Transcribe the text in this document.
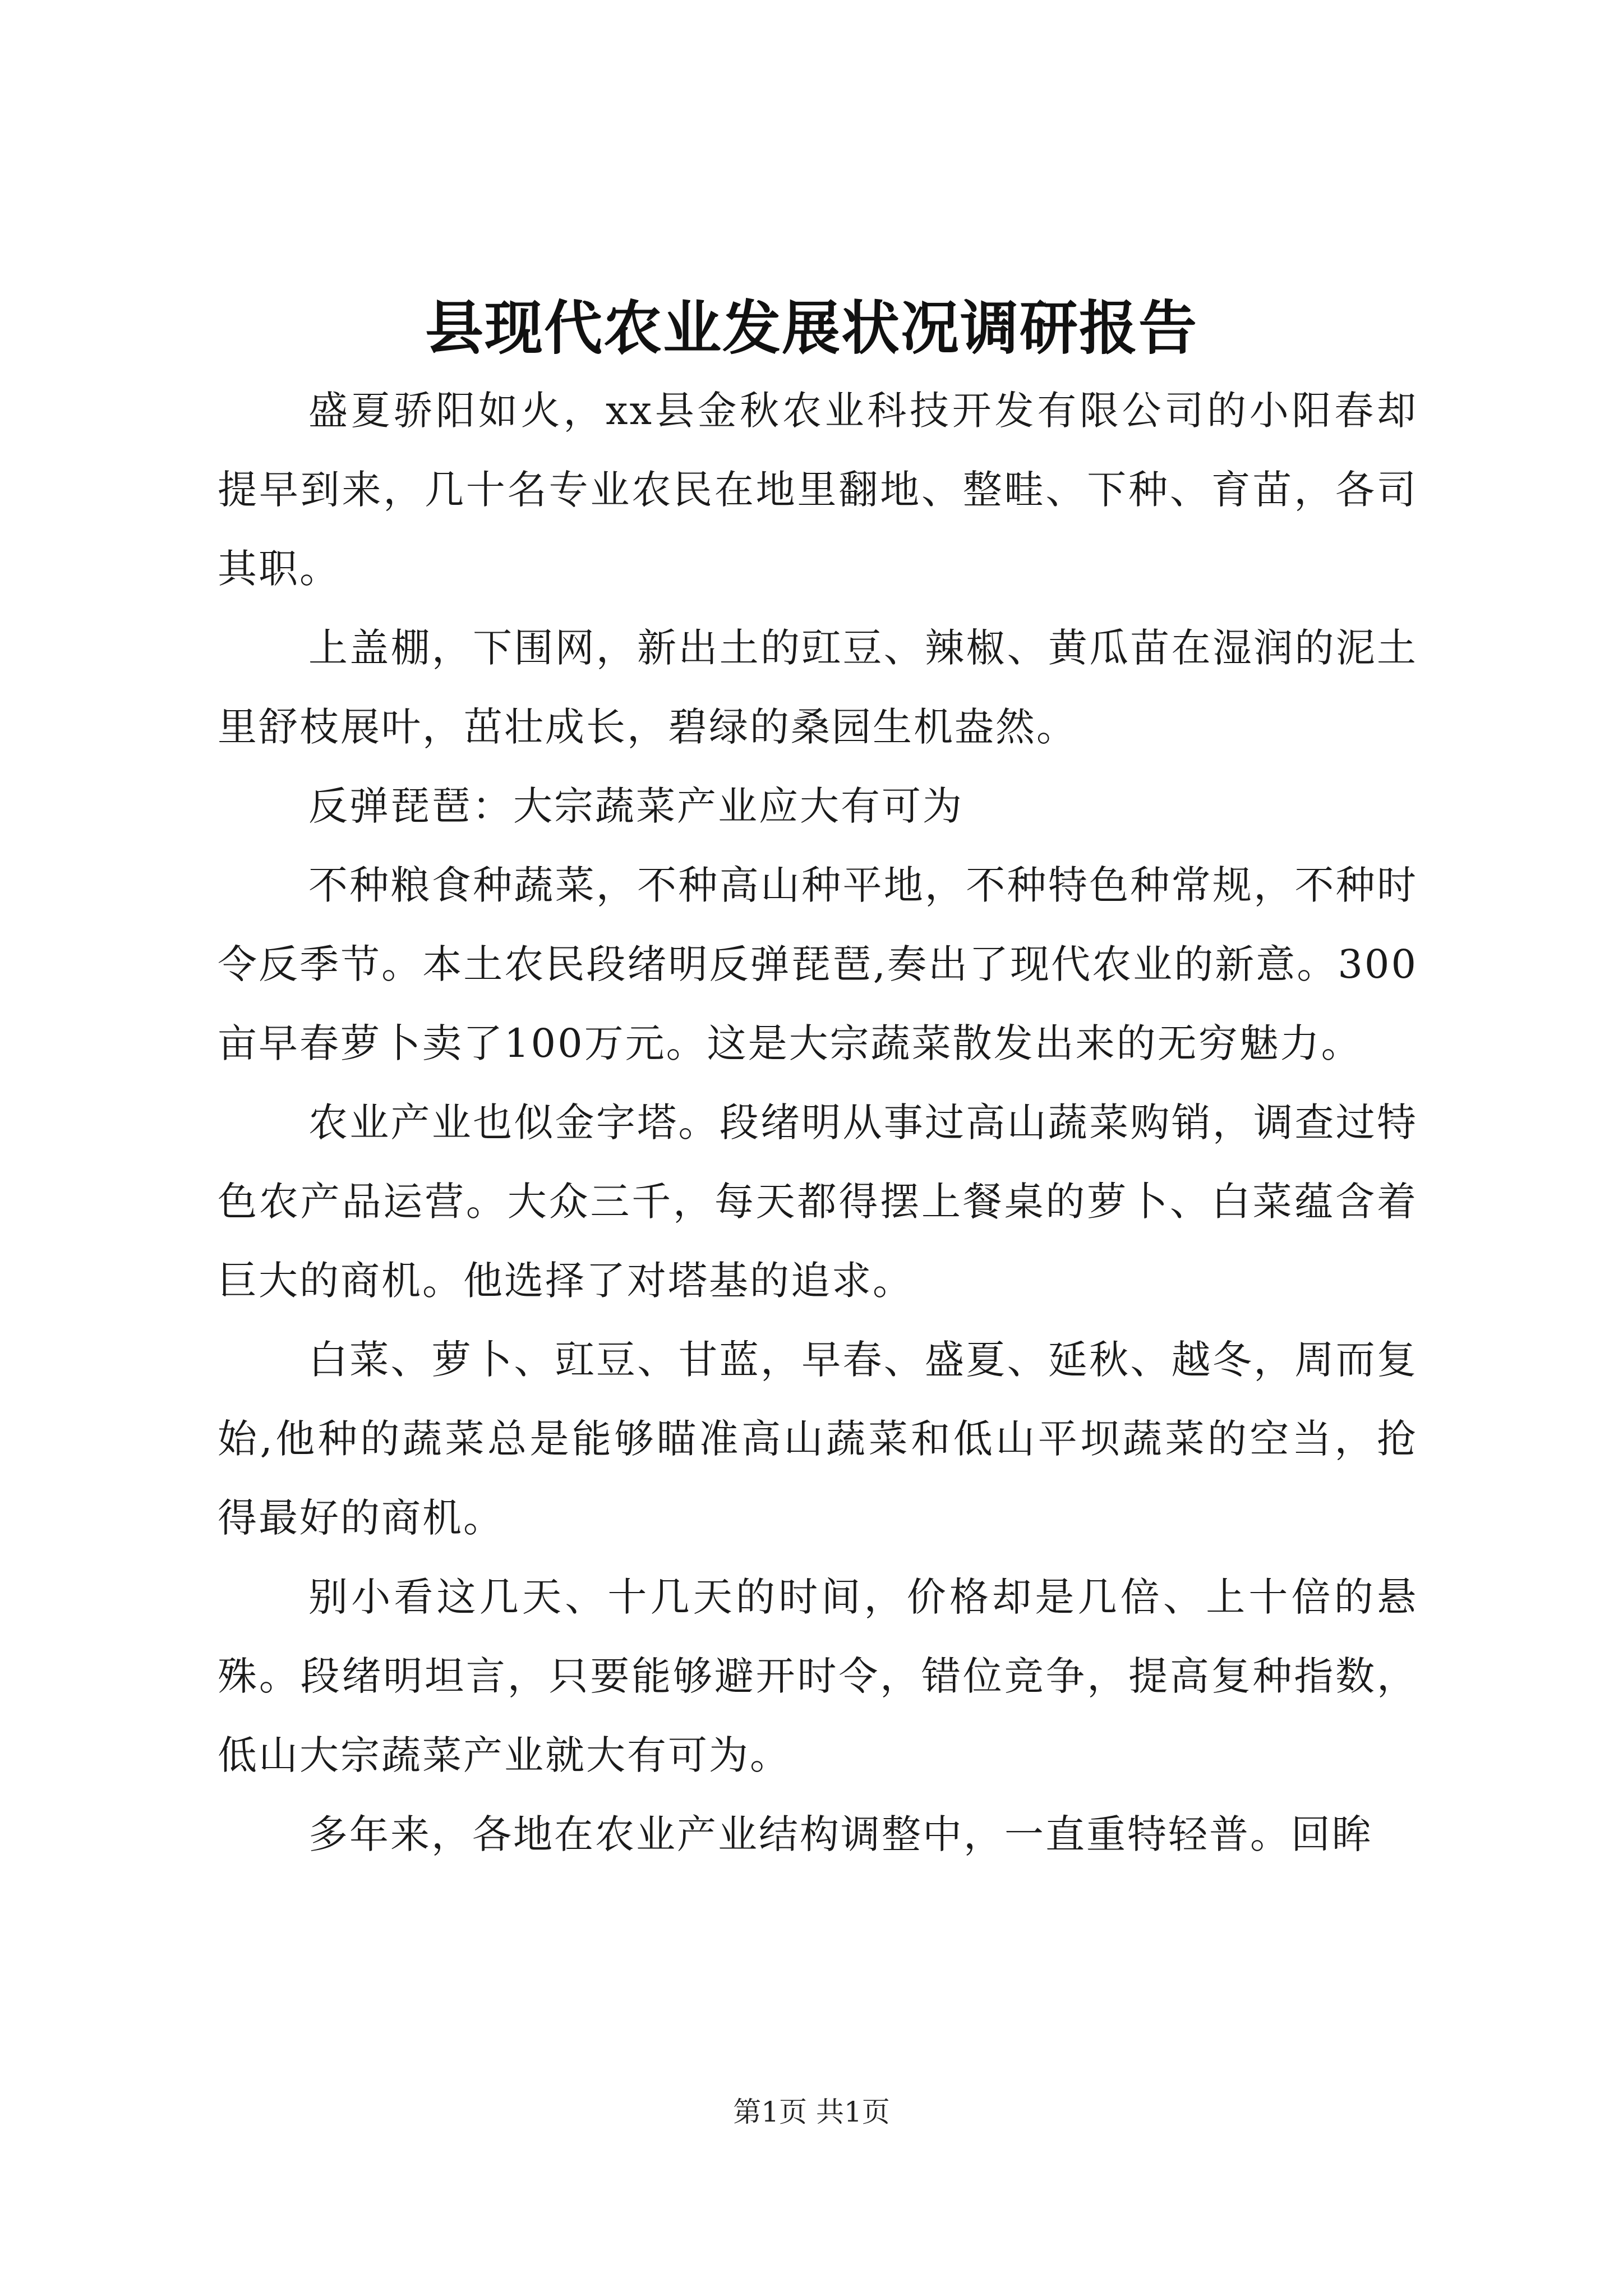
县现代农业发展状况调研报告

盛夏骄阳如火，xx县金秋农业科技开发有限公司的小阳春却提早到来，几十名专业农民在地里翻地、整畦、下种、育苗，各司其职。

上盖棚，下围网，新出土的豇豆、辣椒、黄瓜苗在湿润的泥土里舒枝展叶，茁壮成长，碧绿的桑园生机盎然。

反弹琵琶：大宗蔬菜产业应大有可为

不种粮食种蔬菜，不种高山种平地，不种特色种常规，不种时令反季节。本土农民段绪明反弹琵琶,奏出了现代农业的新意。300亩早春萝卜卖了100万元。这是大宗蔬菜散发出来的无穷魅力。

农业产业也似金字塔。段绪明从事过高山蔬菜购销，调查过特色农产品运营。大众三千，每天都得摆上餐桌的萝卜、白菜蕴含着巨大的商机。他选择了对塔基的追求。

白菜、萝卜、豇豆、甘蓝，早春、盛夏、延秋、越冬，周而复始,他种的蔬菜总是能够瞄准高山蔬菜和低山平坝蔬菜的空当，抢得最好的商机。

别小看这几天、十几天的时间，价格却是几倍、上十倍的悬殊。段绪明坦言，只要能够避开时令，错位竞争，提高复种指数，低山大宗蔬菜产业就大有可为。

多年来，各地在农业产业结构调整中，一直重特轻普。回眸

第1页 共1页
